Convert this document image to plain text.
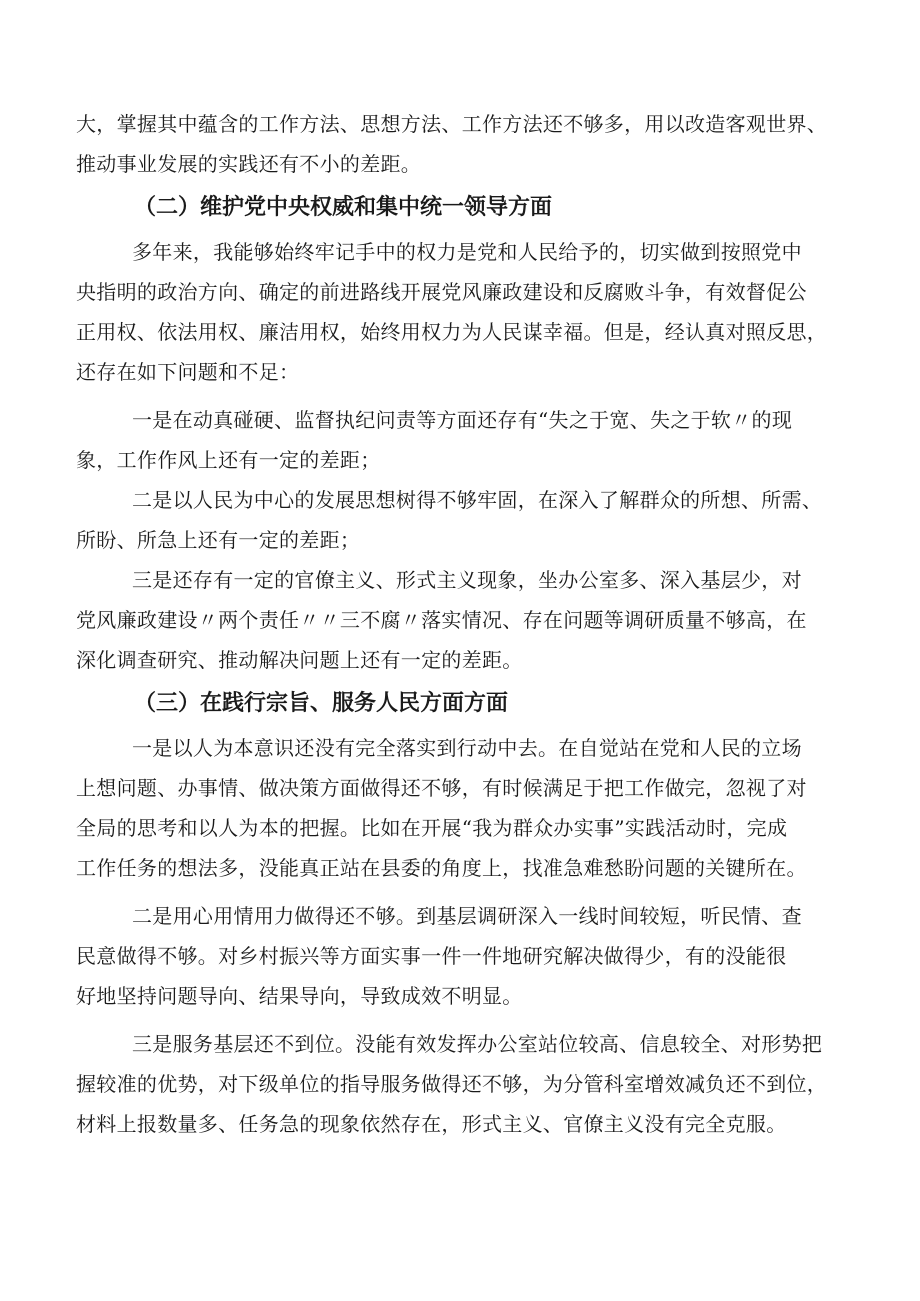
大，掌握其中蕴含的工作方法、思想方法、工作方法还不够多，用以改造客观世界、
推动事业发展的实践还有不小的差距。
（二）维护党中央权威和集中统一领导方面
多年来，我能够始终牢记手中的权力是党和人民给予的，切实做到按照党中
央指明的政治方向、确定的前进路线开展党风廉政建设和反腐败斗争，有效督促公
正用权、依法用权、廉洁用权，始终用权力为人民谋幸福。但是，经认真对照反思，
还存在如下问题和不足：
一是在动真碰硬、监督执纪问责等方面还存有“失之于宽、失之于软〃的现
象，工作作风上还有一定的差距；
二是以人民为中心的发展思想树得不够牢固，在深入了解群众的所想、所需、
所盼、所急上还有一定的差距；
三是还存有一定的官僚主义、形式主义现象，坐办公室多、深入基层少，对
党风廉政建设〃两个责任〃〃三不腐〃落实情况、存在问题等调研质量不够高，在
深化调查研究、推动解决问题上还有一定的差距。
（三）在践行宗旨、服务人民方面方面
一是以人为本意识还没有完全落实到行动中去。在自觉站在党和人民的立场
上想问题、办事情、做决策方面做得还不够，有时候满足于把工作做完，忽视了对
全局的思考和以人为本的把握。比如在开展“我为群众办实事”实践活动时，完成
工作任务的想法多，没能真正站在县委的角度上，找准急难愁盼问题的关键所在。
二是用心用情用力做得还不够。到基层调研深入一线时间较短，听民情、查
民意做得不够。对乡村振兴等方面实事一件一件地研究解决做得少，有的没能很
好地坚持问题导向、结果导向，导致成效不明显。
三是服务基层还不到位。没能有效发挥办公室站位较高、信息较全、对形势把
握较准的优势，对下级单位的指导服务做得还不够，为分管科室增效减负还不到位，
材料上报数量多、任务急的现象依然存在，形式主义、官僚主义没有完全克服。
